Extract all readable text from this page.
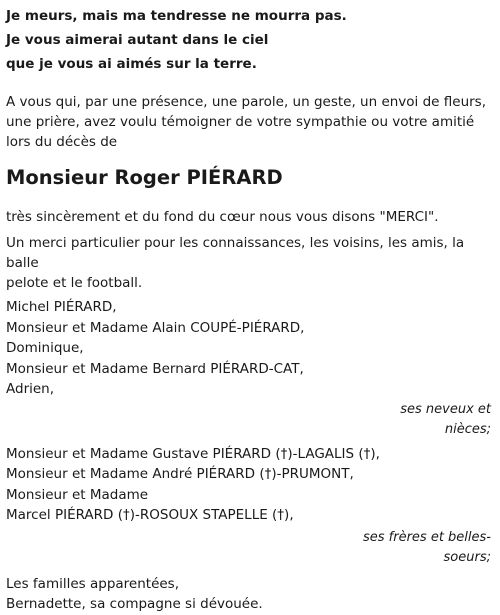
Je meurs, mais ma tendresse ne mourra pas.

Je vous aimerai autant dans le ciel

que je vous ai aimés sur la terre.

A vous qui, par une présence, une parole, un geste, un envoi de fleurs,

une prière, avez voulu témoigner de votre sympathie ou votre amitié

lors du décès de

Monsieur Roger PIÉRARD

très sincèrement et du fond du cœur nous vous disons "MERCI".

Un merci particulier pour les connaissances, les voisins, les amis, la balle

pelote et le football.

Michel PIÉRARD,

Monsieur et Madame Alain COUPÉ-PIÉRARD,

Dominique,

Monsieur et Madame Bernard PIÉRARD-CAT,

Adrien,

ses neveux et

nièces;

Monsieur et Madame Gustave PIÉRARD (†)-LAGALIS (†),

Monsieur et Madame André PIÉRARD (†)-PRUMONT,

Monsieur et Madame

Marcel PIÉRARD (†)-ROSOUX STAPELLE (†),

ses frères et belles-

soeurs;

Les familles apparentées,

Bernadette, sa compagne si dévouée.
